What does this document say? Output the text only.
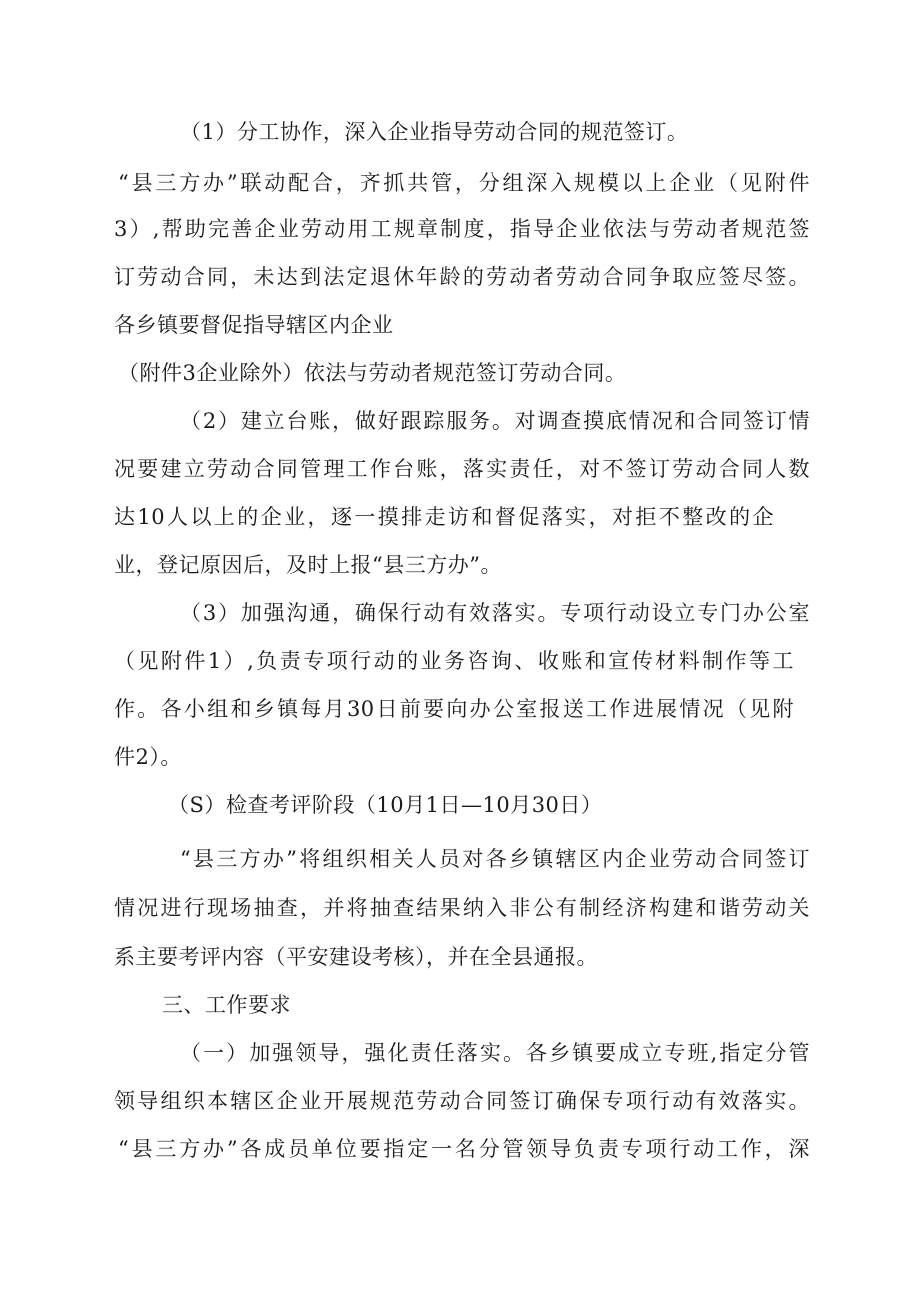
（1）分工协作，深入企业指导劳动合同的规范签订。
“县三方办”联动配合，齐抓共管，分组深入规模以上企业（见附件
3）,帮助完善企业劳动用工规章制度，指导企业依法与劳动者规范签
订劳动合同，未达到法定退休年龄的劳动者劳动合同争取应签尽签。
各乡镇要督促指导辖区内企业
（附件3企业除外）依法与劳动者规范签订劳动合同。
（2）建立台账，做好跟踪服务。对调查摸底情况和合同签订情
况要建立劳动合同管理工作台账，落实责任，对不签订劳动合同人数
达10人以上的企业，逐一摸排走访和督促落实，对拒不整改的企
业，登记原因后，及时上报“县三方办”。
（3）加强沟通，确保行动有效落实。专项行动设立专门办公室
（见附件1）,负责专项行动的业务咨询、收账和宣传材料制作等工
作。各小组和乡镇每月30日前要向办公室报送工作进展情况（见附
件2）。
（S）检查考评阶段（10月1日—10月30日）
“县三方办”将组织相关人员对各乡镇辖区内企业劳动合同签订
情况进行现场抽查，并将抽查结果纳入非公有制经济构建和谐劳动关
系主要考评内容（平安建设考核），并在全县通报。
三、工作要求
（一）加强领导，强化责任落实。各乡镇要成立专班,指定分管
领导组织本辖区企业开展规范劳动合同签订确保专项行动有效落实。
“县三方办”各成员单位要指定一名分管领导负责专项行动工作，深
